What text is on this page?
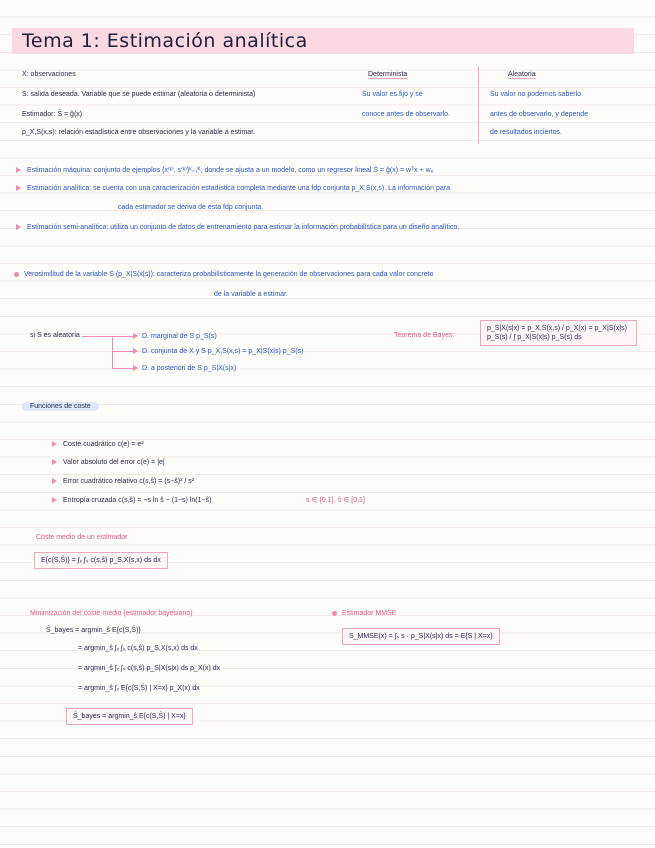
Tema 1: Estimación analítica
X: observaciones
S: salida deseada. Variable que se puede estimar (aleatoria o determinista)
Estimador: Ŝ = ĝ(x)
p_X,S(x,s): relación estadística entre observaciones y la variable a estimar.
Determinista
Su valor es fijo y se
conoce antes de observarlo.
Aleatoria
Su valor no podemos saberlo
antes de observarlo, y depende
de resultados inciertos.
Estimación máquina: conjunto de ejemplos {x⁽ᵏ⁾, s⁽ᵏ⁾}ᵏ₌₁ᴷ, donde se ajusta a un modelo, como un regresor lineal Ŝ = ĝ(x) = wᵀx + w₀
Estimación analítica: se cuenta con una caracterización estadística completa mediante una fdp conjunta p_X,S(x,s). La información para
cada estimador se deriva de esta fdp conjunta.
Estimación semi-analítica: utiliza un conjunto de datos de entrenamiento para estimar la información probabilística para un diseño analítico.
Verosimilitud de la variable S (p_X|S(x|s)): caracteriza probabilísticamente la generación de observaciones para cada valor concreto
de la variable a estimar.
si S es aleatoria	D. marginal de S p_S(s)
D. conjunta de X y S p_X,S(x,s) = p_X|S(x|s) p_S(s)
D. a posteriori de S p_S|X(s|x)
Teorema de Bayes:
p_S|X(s|x) = p_X,S(x,s) / p_X(x) = p_X|S(x|s) p_S(s) / ∫ p_X|S(x|s) p_S(s) ds
Funciones de coste
Coste cuadrático c(e) = e²
Valor absoluto del error c(e) = |e|
Error cuadrático relativo c(s,ŝ) = (s−ŝ)² / s²
Entropía cruzada c(s,ŝ) = −s ln ŝ − (1−s) ln(1−ŝ)	s ∈ {0,1}, ŝ ∈ [0,1]
Coste medio de un estimador
E{c(S,Ŝ)} = ∫ₓ ∫ₛ c(s,ŝ) p_S,X(s,x) ds dx
Minimización del coste medio (estimador bayesiano)
Ŝ_bayes = argmin_ŝ E{c(S,Ŝ)}
= argmin_ŝ ∫ₓ ∫ₛ c(s,ŝ) p_S,X(s,x) ds dx
= argmin_ŝ ∫ₓ ∫ₛ c(s,ŝ) p_S|X(s|x) ds p_X(x) dx
= argmin_ŝ ∫ₓ E{c(S,Ŝ) | X=x} p_X(x) dx
Ŝ_bayes = argmin_ŝ E{c(S,Ŝ) | X=x}
Estimador MMSE
S_MMSE(x) = ∫ₛ s · p_S|X(s|x) ds = E{S | X=x}
